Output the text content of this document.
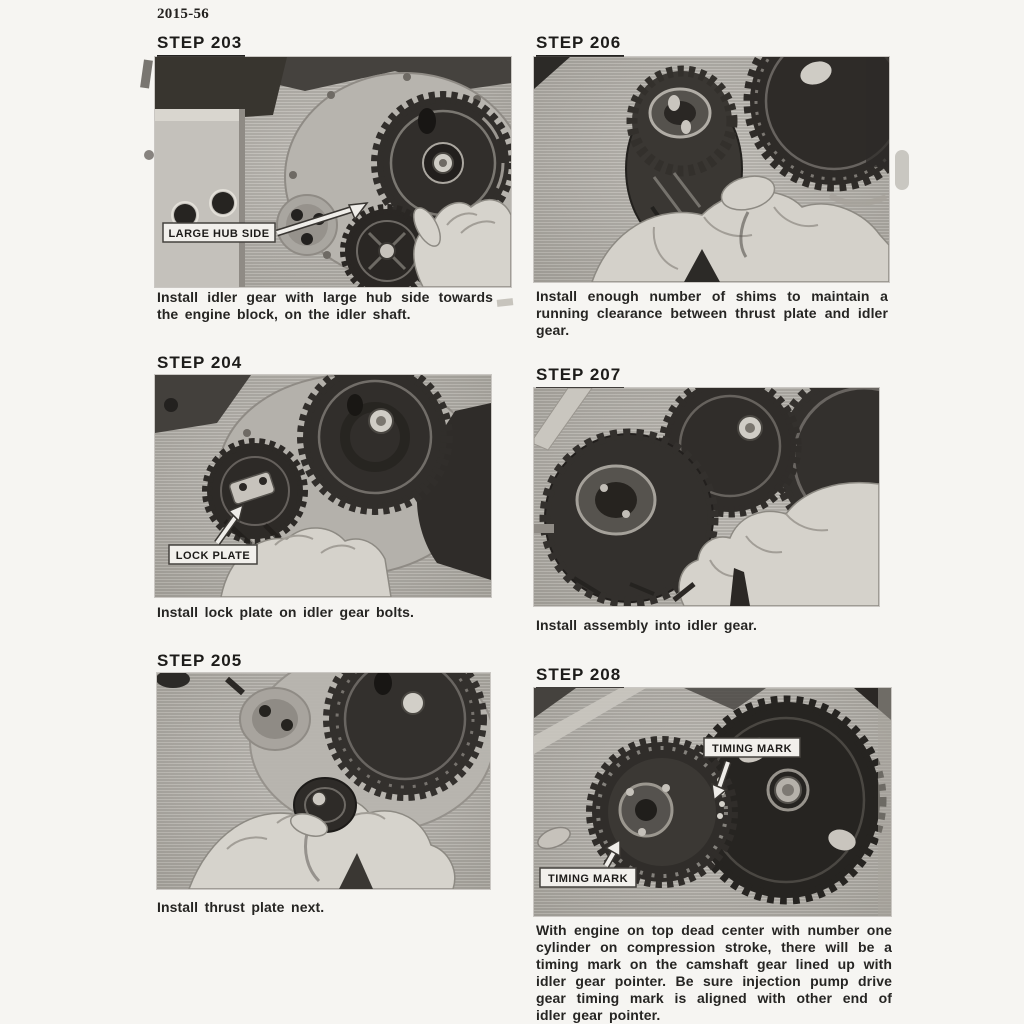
2015-56
STEP 203
LARGE HUB SIDE

Install idler gear with large hub side towards the engine block, on the idler shaft.

STEP 204
LOCK PLATE

Install lock plate on idler gear bolts.

STEP 205

Install thrust plate next.

STEP 206

Install enough number of shims to maintain a running clearance between thrust plate and idler gear.

STEP 207

Install assembly into idler gear.

STEP 208
TIMING MARK
TIMING MARK

With engine on top dead center with number one cylinder on compression stroke, there will be a timing mark on the camshaft gear lined up with idler gear pointer. Be sure injection pump drive gear timing mark is aligned with other end of idler gear pointer.
